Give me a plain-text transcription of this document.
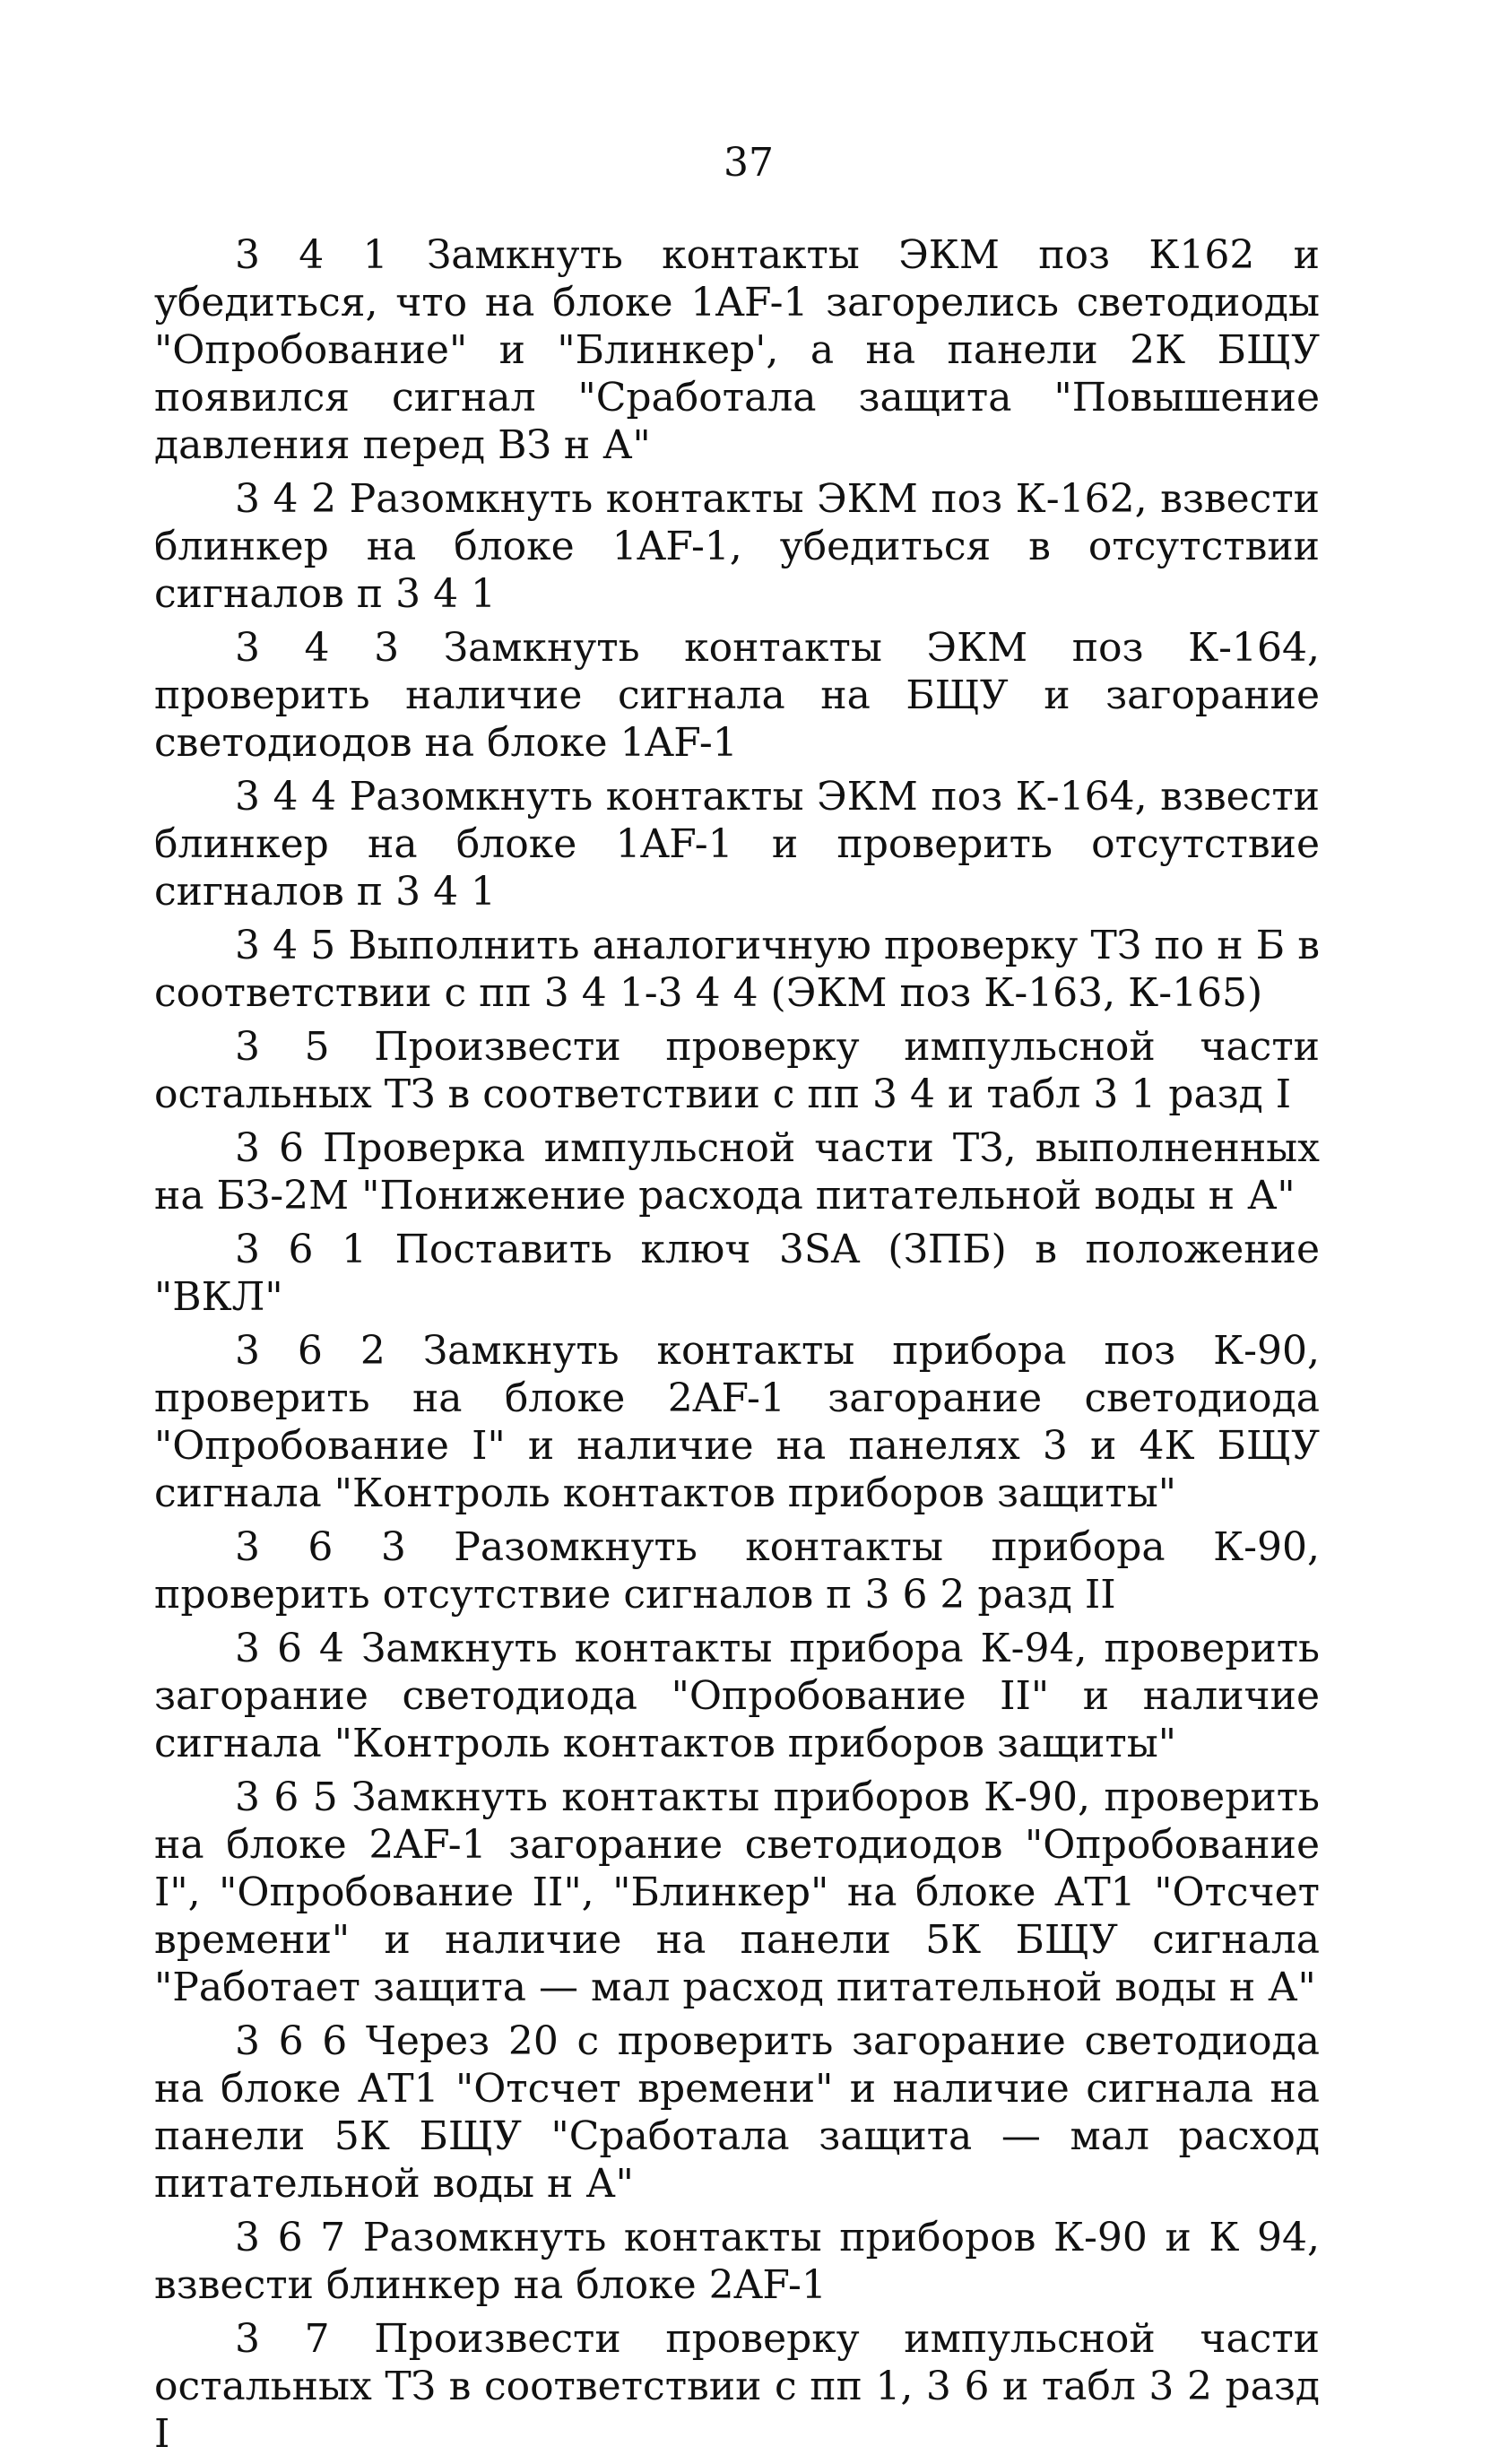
37

3 4 1 Замкнуть контакты ЭКМ поз К162 и убедиться, что на блоке 1AF-1 загорелись светодиоды "Опробование" и "Блинкер', а на панели 2К БЩУ появился сигнал "Сработала защита "Повышение давления перед ВЗ н А"

3 4 2 Разомкнуть контакты ЭКМ поз К-162, взвести блинкер на блоке 1AF-1, убедиться в отсутствии сигналов п 3 4 1

3 4 3 Замкнуть контакты ЭКМ поз К-164, проверить наличие сигнала на БЩУ и загорание светодиодов на блоке 1AF-1

3 4 4 Разомкнуть контакты ЭКМ поз К-164, взвести блинкер на блоке 1AF-1 и проверить отсутствие сигналов п 3 4 1

3 4 5 Выполнить аналогичную проверку ТЗ по н Б в соответствии с пп 3 4 1-3 4 4 (ЭКМ поз К-163, К-165)

3 5 Произвести проверку импульсной части остальных ТЗ в соответствии с пп 3 4 и табл 3 1 разд I

3 6 Проверка импульсной части ТЗ, выполненных на БЗ-2М "Понижение расхода питательной воды н А"

3 6 1 Поставить ключ 3SA (ЗПБ) в положение "ВКЛ"

3 6 2 Замкнуть контакты прибора поз К-90, проверить на блоке 2AF-1 загорание светодиода "Опробование I" и наличие на панелях 3 и 4К БЩУ сигнала "Контроль контактов приборов защиты"

3 6 3 Разомкнуть контакты прибора К-90, проверить отсутствие сигналов п 3 6 2 разд II

3 6 4 Замкнуть контакты прибора К-94, проверить загорание светодиода "Опробование II" и наличие сигнала "Контроль контактов приборов защиты"

3 6 5 Замкнуть контакты приборов К-90, проверить на блоке 2AF-1 загорание светодиодов "Опробование I", "Опробование II", "Блинкер" на блоке АТ1 "Отсчет времени" и наличие на панели 5К БЩУ сигнала "Работает защита — мал расход питательной воды н А"

3 6 6 Через 20 с проверить загорание светодиода на блоке АТ1 "Отсчет времени" и наличие сигнала на панели 5К БЩУ "Сработала защита — мал расход питательной воды н А"

3 6 7 Разомкнуть контакты приборов К-90 и К 94, взвести блинкер на блоке 2AF-1

3 7 Произвести проверку импульсной части остальных ТЗ в соответствии с пп 1, 3 6 и табл 3 2 разд I
